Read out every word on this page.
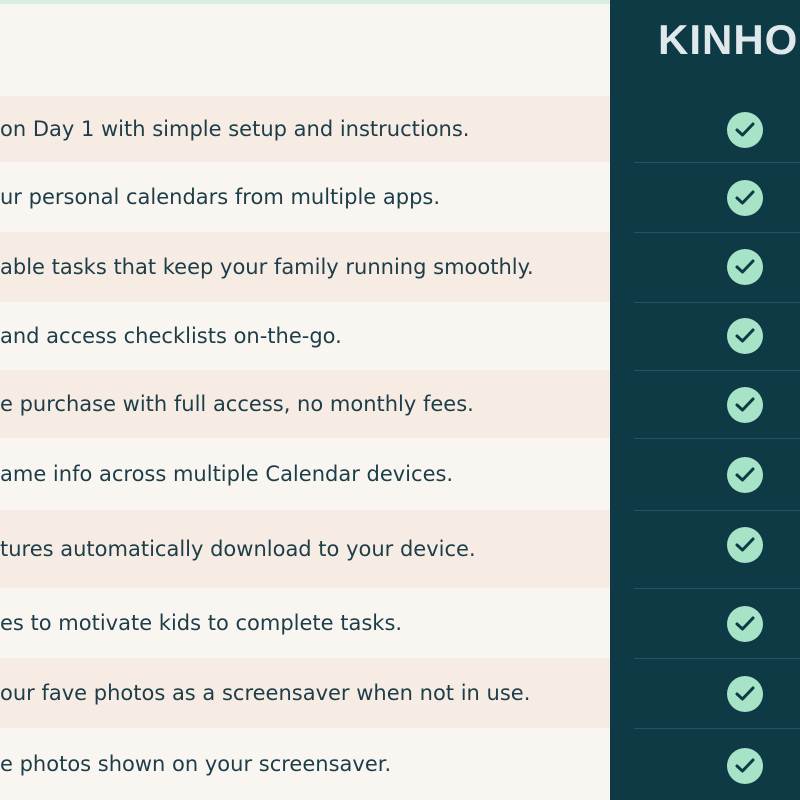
KINHO
on Day 1 with simple setup and instructions.
ur personal calendars from multiple apps.
able tasks that keep your family running smoothly.
and access checklists on-the-go.
e purchase with full access, no monthly fees.
ame info across multiple Calendar devices.
tures automatically download to your device.
es to motivate kids to complete tasks.
our fave photos as a screensaver when not in use.
e photos shown on your screensaver.
